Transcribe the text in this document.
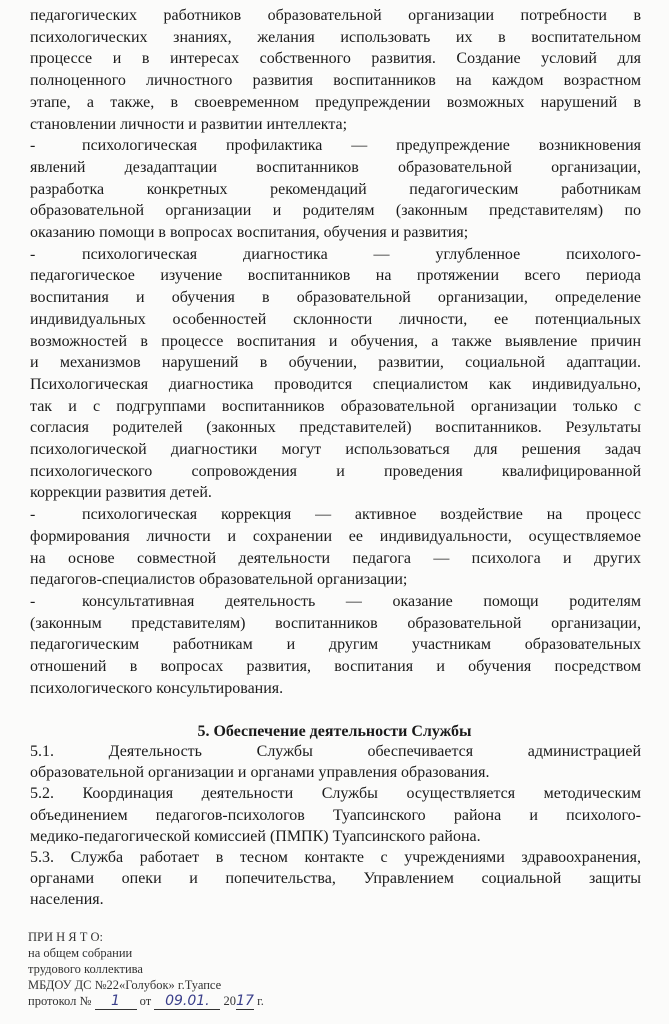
педагогических работников образовательной организации потребности в
психологических знаниях, желания использовать их в воспитательном
процессе и в интересах собственного развития. Создание условий для
полноценного личностного развития воспитанников на каждом возрастном
этапе, а также, в своевременном предупреждении возможных нарушений в
становлении личности и развитии интеллекта;
-	психологическая профилактика — предупреждение возникновения
явлений дезадаптации воспитанников образовательной организации,
разработка конкретных рекомендаций педагогическим работникам
образовательной организации и родителям (законным представителям) по
оказанию помощи в вопросах воспитания, обучения и развития;
-	психологическая диагностика — углубленное психолого-
педагогическое изучение воспитанников на протяжении всего периода
воспитания и обучения в образовательной организации, определение
индивидуальных особенностей склонности личности, ее потенциальных
возможностей в процессе воспитания и обучения, а также выявление причин
и механизмов нарушений в обучении, развитии, социальной адаптации.
Психологическая диагностика проводится специалистом как индивидуально,
так и с подгруппами воспитанников образовательной организации только с
согласия родителей (законных представителей) воспитанников. Результаты
психологической диагностики могут использоваться для решения задач
психологического сопровождения и проведения квалифицированной
коррекции развития детей.
-	психологическая коррекция — активное воздействие на процесс
формирования личности и сохранении ее индивидуальности, осуществляемое
на основе совместной деятельности педагога — психолога и других
педагогов-специалистов образовательной организации;
-	консультативная деятельность — оказание помощи родителям
(законным представителям) воспитанников образовательной организации,
педагогическим работникам и другим участникам образовательных
отношений в вопросах развития, воспитания и обучения посредством
психологического консультирования.
5.1. Деятельность Службы обеспечивается администрацией
образовательной организации и органами управления образования.
5.2. Координация деятельности Службы осуществляется методическим
объединением педагогов-психологов Туапсинского района и психолого-
медико-педагогической комиссией (ПМПК) Туапсинского района.
5.3. Служба работает в тесном контакте с учреждениями здравоохранения,
органами опеки и попечительства, Управлением социальной защиты
населения.
5. Обеспечение деятельности Службы
ПРИ Н Я Т О:
на общем собрании
трудового коллектива
МБДОУ ДС №22«Голубок» г.Туапсе
протокол № 1 от 09.01. 2017 г.
